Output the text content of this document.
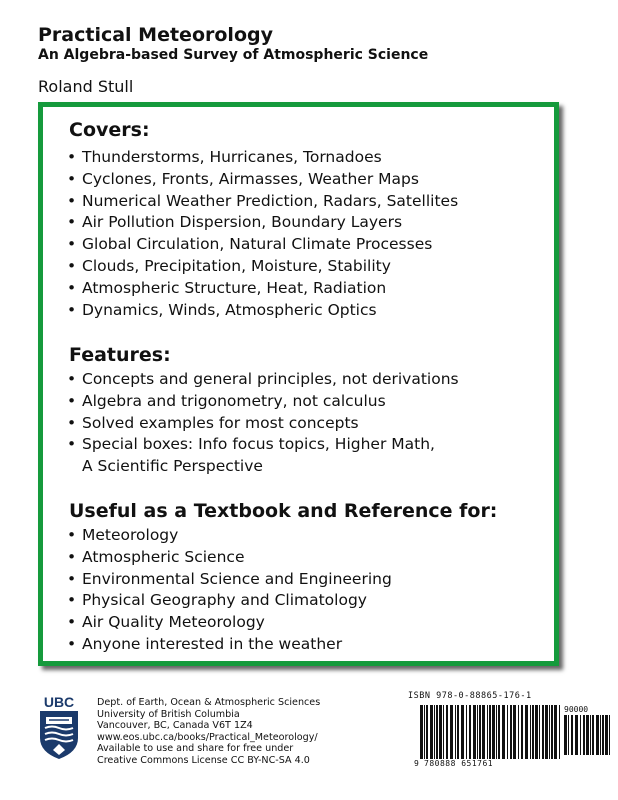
Practical Meteorology
An Algebra-based Survey of Atmospheric Science
Roland Stull
Covers:
• Thunderstorms, Hurricanes, Tornadoes
• Cyclones, Fronts, Airmasses, Weather Maps
• Numerical Weather Prediction, Radars, Satellites
• Air Pollution Dispersion, Boundary Layers
• Global Circulation, Natural Climate Processes
• Clouds, Precipitation, Moisture, Stability
• Atmospheric Structure, Heat, Radiation
• Dynamics, Winds, Atmospheric Optics
Features:
• Concepts and general principles, not derivations
• Algebra and trigonometry, not calculus
• Solved examples for most concepts
• Special boxes: Info focus topics, Higher Math,
A Scientific Perspective
Useful as a Textbook and Reference for:
• Meteorology
• Atmospheric Science
• Environmental Science and Engineering
• Physical Geography and Climatology
• Air Quality Meteorology
• Anyone interested in the weather
UBC Dept. of Earth, Ocean & Atmospheric Sciences
University of British Columbia
Vancouver, BC, Canada V6T 1Z4
www.eos.ubc.ca/books/Practical_Meteorology/
Available to use and share for free under
Creative Commons License CC BY-NC-SA 4.0
ISBN 978-0-88865-176-1
90000
9 780888 651761
